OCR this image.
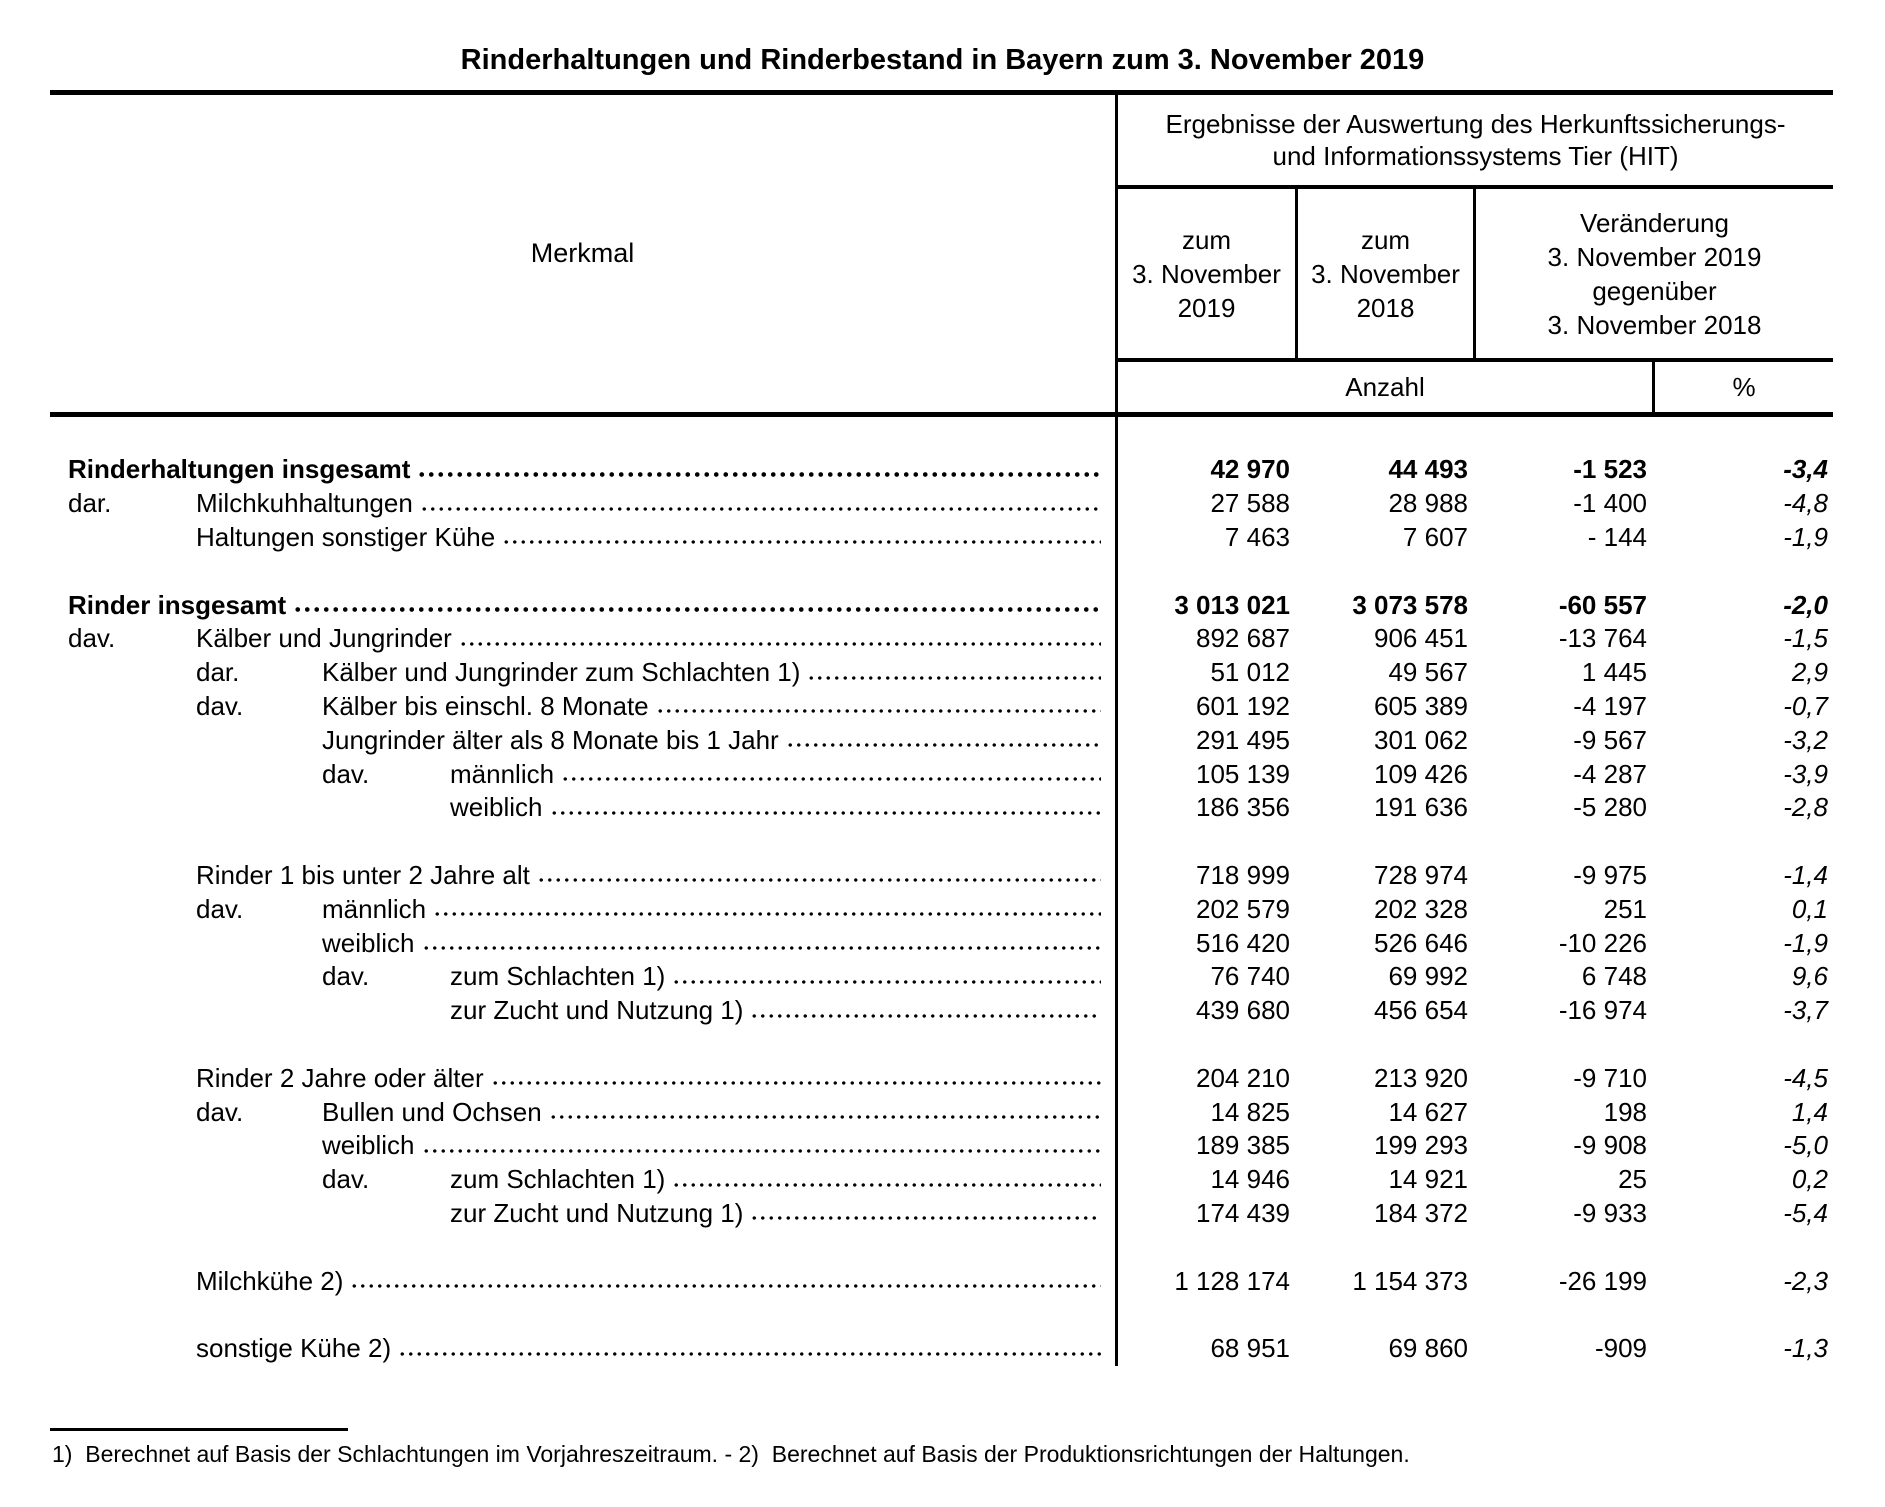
Rinderhaltungen und Rinderbestand in Bayern zum 3. November 2019
Merkmal
Ergebnisse der Auswertung des Herkunftssicherungs-
und Informationssystems Tier (HIT)
zum
3. November
2019
zum
3. November
2018
Veränderung
3. November 2019
gegenüber
3. November 2018
Anzahl	%
Rinderhaltungen insgesamt	42 970	44 493	-1 523	-3,4
dar.	Milchkuhhaltungen	27 588	28 988	-1 400	-4,8
Haltungen sonstiger Kühe	7 463	7 607	- 144	-1,9
Rinder insgesamt	3 013 021	3 073 578	-60 557	-2,0
dav.	Kälber und Jungrinder	892 687	906 451	-13 764	-1,5
dar.	Kälber und Jungrinder zum Schlachten 1)	51 012	49 567	1 445	2,9
dav.	Kälber bis einschl. 8 Monate	601 192	605 389	-4 197	-0,7
Jungrinder älter als 8 Monate bis 1 Jahr	291 495	301 062	-9 567	-3,2
dav.	männlich	105 139	109 426	-4 287	-3,9
weiblich	186 356	191 636	-5 280	-2,8
Rinder 1 bis unter 2 Jahre alt	718 999	728 974	-9 975	-1,4
dav.	männlich	202 579	202 328	251	0,1
weiblich	516 420	526 646	-10 226	-1,9
dav.	zum Schlachten 1)	76 740	69 992	6 748	9,6
zur Zucht und Nutzung 1)	439 680	456 654	-16 974	-3,7
Rinder 2 Jahre oder älter	204 210	213 920	-9 710	-4,5
dav.	Bullen und Ochsen	14 825	14 627	198	1,4
weiblich	189 385	199 293	-9 908	-5,0
dav.	zum Schlachten 1)	14 946	14 921	25	0,2
zur Zucht und Nutzung 1)	174 439	184 372	-9 933	-5,4
Milchkühe 2)	1 128 174	1 154 373	-26 199	-2,3
sonstige Kühe 2)	68 951	69 860	-909	-1,3
1)  Berechnet auf Basis der Schlachtungen im Vorjahreszeitraum. - 2)  Berechnet auf Basis der Produktionsrichtungen der Haltungen.
